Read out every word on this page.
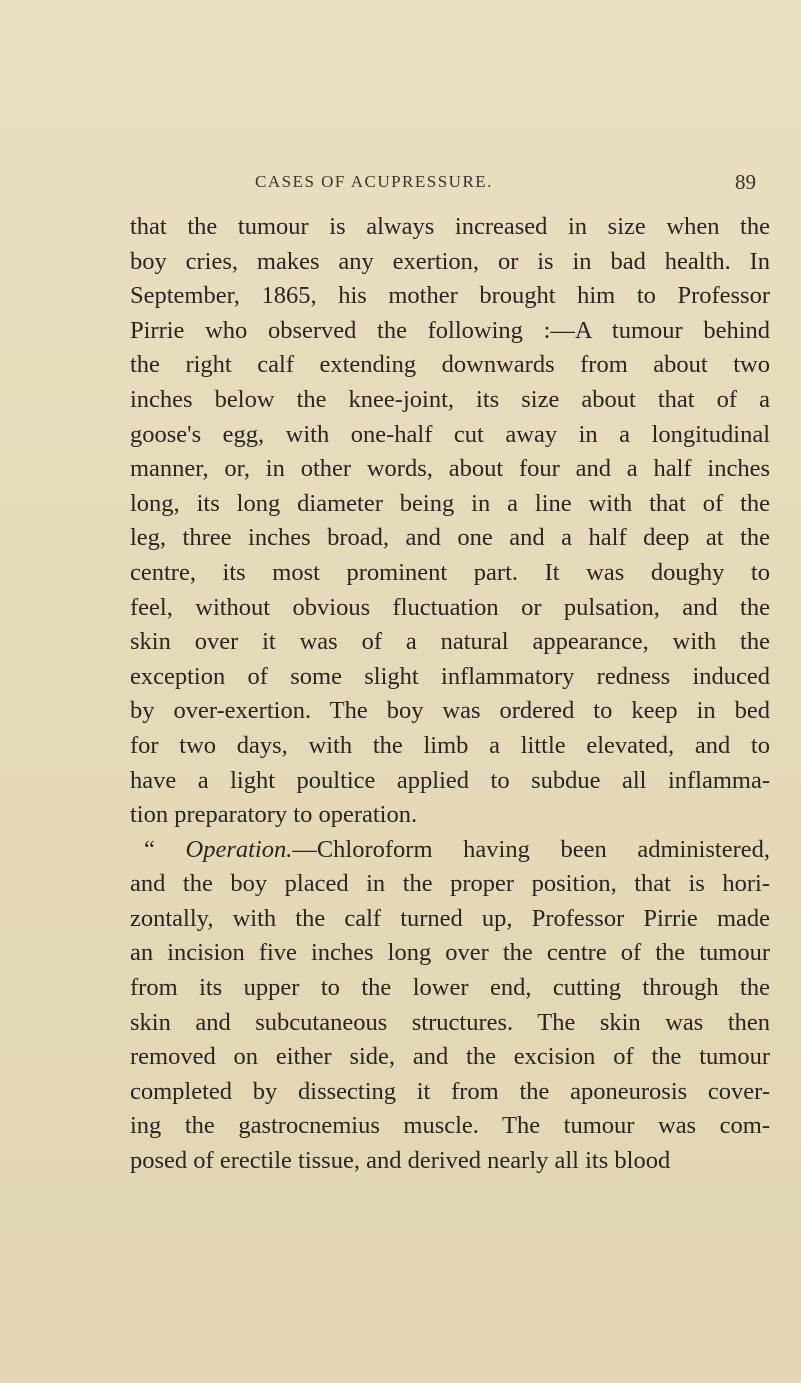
CASES OF ACUPRESSURE.	89
that the tumour is always increased in size when the
boy cries, makes any exertion, or is in bad health. In
September, 1865, his mother brought him to Professor
Pirrie who observed the following :—A tumour behind
the right calf extending downwards from about two
inches below the knee-joint, its size about that of a
goose's egg, with one-half cut away in a longitudinal
manner, or, in other words, about four and a half inches
long, its long diameter being in a line with that of the
leg, three inches broad, and one and a half deep at the
centre, its most prominent part. It was doughy to
feel, without obvious fluctuation or pulsation, and the
skin over it was of a natural appearance, with the
exception of some slight inflammatory redness induced
by over-exertion. The boy was ordered to keep in bed
for two days, with the limb a little elevated, and to
have a light poultice applied to subdue all inflamma-
tion preparatory to operation.
“ Operation.—Chloroform having been administered,
and the boy placed in the proper position, that is hori-
zontally, with the calf turned up, Professor Pirrie made
an incision five inches long over the centre of the tumour
from its upper to the lower end, cutting through the
skin and subcutaneous structures. The skin was then
removed on either side, and the excision of the tumour
completed by dissecting it from the aponeurosis cover-
ing the gastrocnemius muscle. The tumour was com-
posed of erectile tissue, and derived nearly all its blood
